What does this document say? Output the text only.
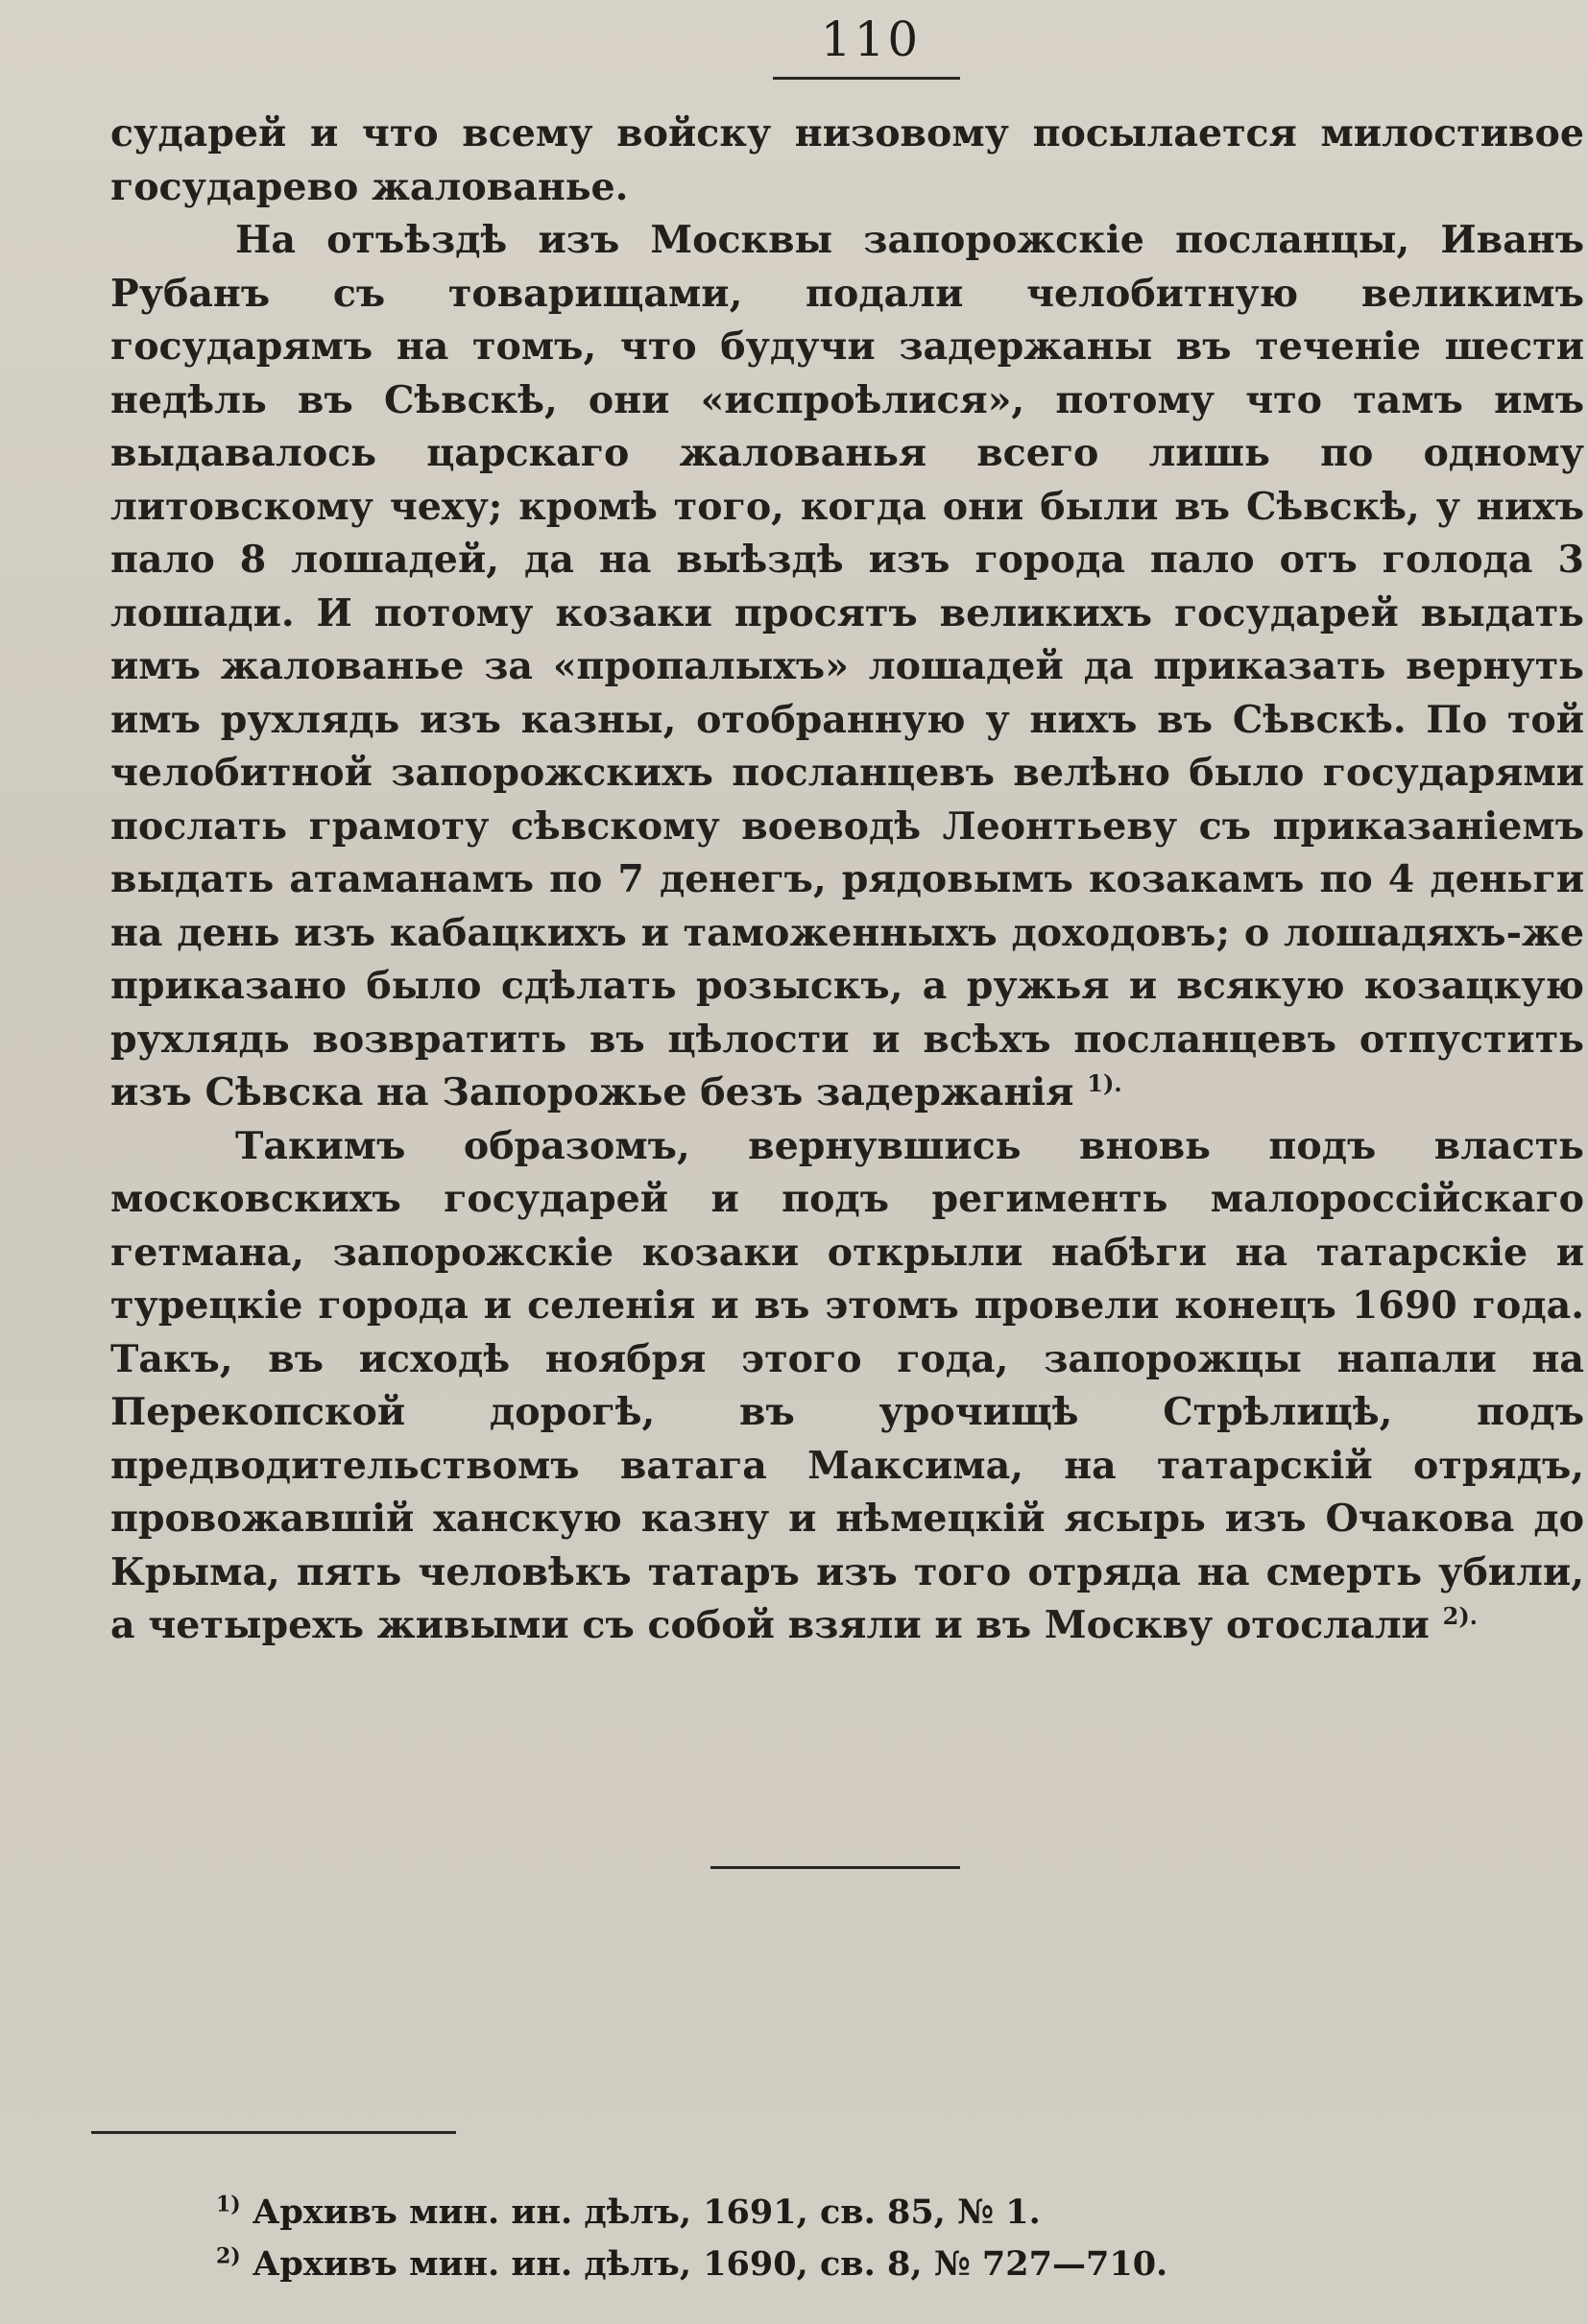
110

сударей и что всему войску низовому посылается милостивое государево жалованье.

На отъѣздѣ изъ Москвы запорожскіе посланцы, Иванъ Рубанъ съ товарищами, подали челобитную великимъ государямъ на томъ, что будучи задержаны въ теченіе шести недѣль въ Сѣвскѣ, они «испроѣлися», потому что тамъ имъ выдавалось царскаго жалованья всего лишь по одному литовскому чеху; кромѣ того, когда они были въ Сѣвскѣ, у нихъ пало 8 лошадей, да на выѣздѣ изъ города пало отъ голода 3 лошади. И потому козаки просятъ великихъ государей выдать имъ жалованье за «пропалыхъ» лошадей да приказать вернуть имъ рухлядь изъ казны, отобранную у нихъ въ Сѣвскѣ. По той челобитной запорожскихъ посланцевъ велѣно было государями послать грамоту сѣвскому воеводѣ Леонтьеву съ приказаніемъ выдать атаманамъ по 7 денегъ, рядовымъ козакамъ по 4 деньги на день изъ кабацкихъ и таможенныхъ доходовъ; о лошадяхъ-же приказано было сдѣлать розыскъ, а ружья и всякую козацкую рухлядь возвратить въ цѣлости и всѣхъ посланцевъ отпустить изъ Сѣвска на Запорожье безъ задержанія $^{1).}$

Такимъ образомъ, вернувшись вновь подъ власть московскихъ государей и подъ регименть малороссійскаго гетмана, запорожскіе козаки открыли набѣги на татарскіе и турецкіе города и селенія и въ этомъ провели конецъ 1690 года. Такъ, въ исходѣ ноября этого года, запорожцы напали на Перекопской дорогѣ, въ урочищѣ Стрѣлицѣ, подъ предводительствомъ ватага Максима, на татарскій отрядъ, провожавшій ханскую казну и нѣмецкій ясырь изъ Очакова до Крыма, пять человѣкъ татаръ изъ того отряда на смерть убили, а четырехъ живыми съ собой взяли и въ Москву отослали $^{2).}$

$^{1)}$ Архивъ мин. ин. дѣлъ, 1691, св. 85, № 1.
$^{2)}$ Архивъ мин. ин. дѣлъ, 1690, св. 8, № 727—710.
